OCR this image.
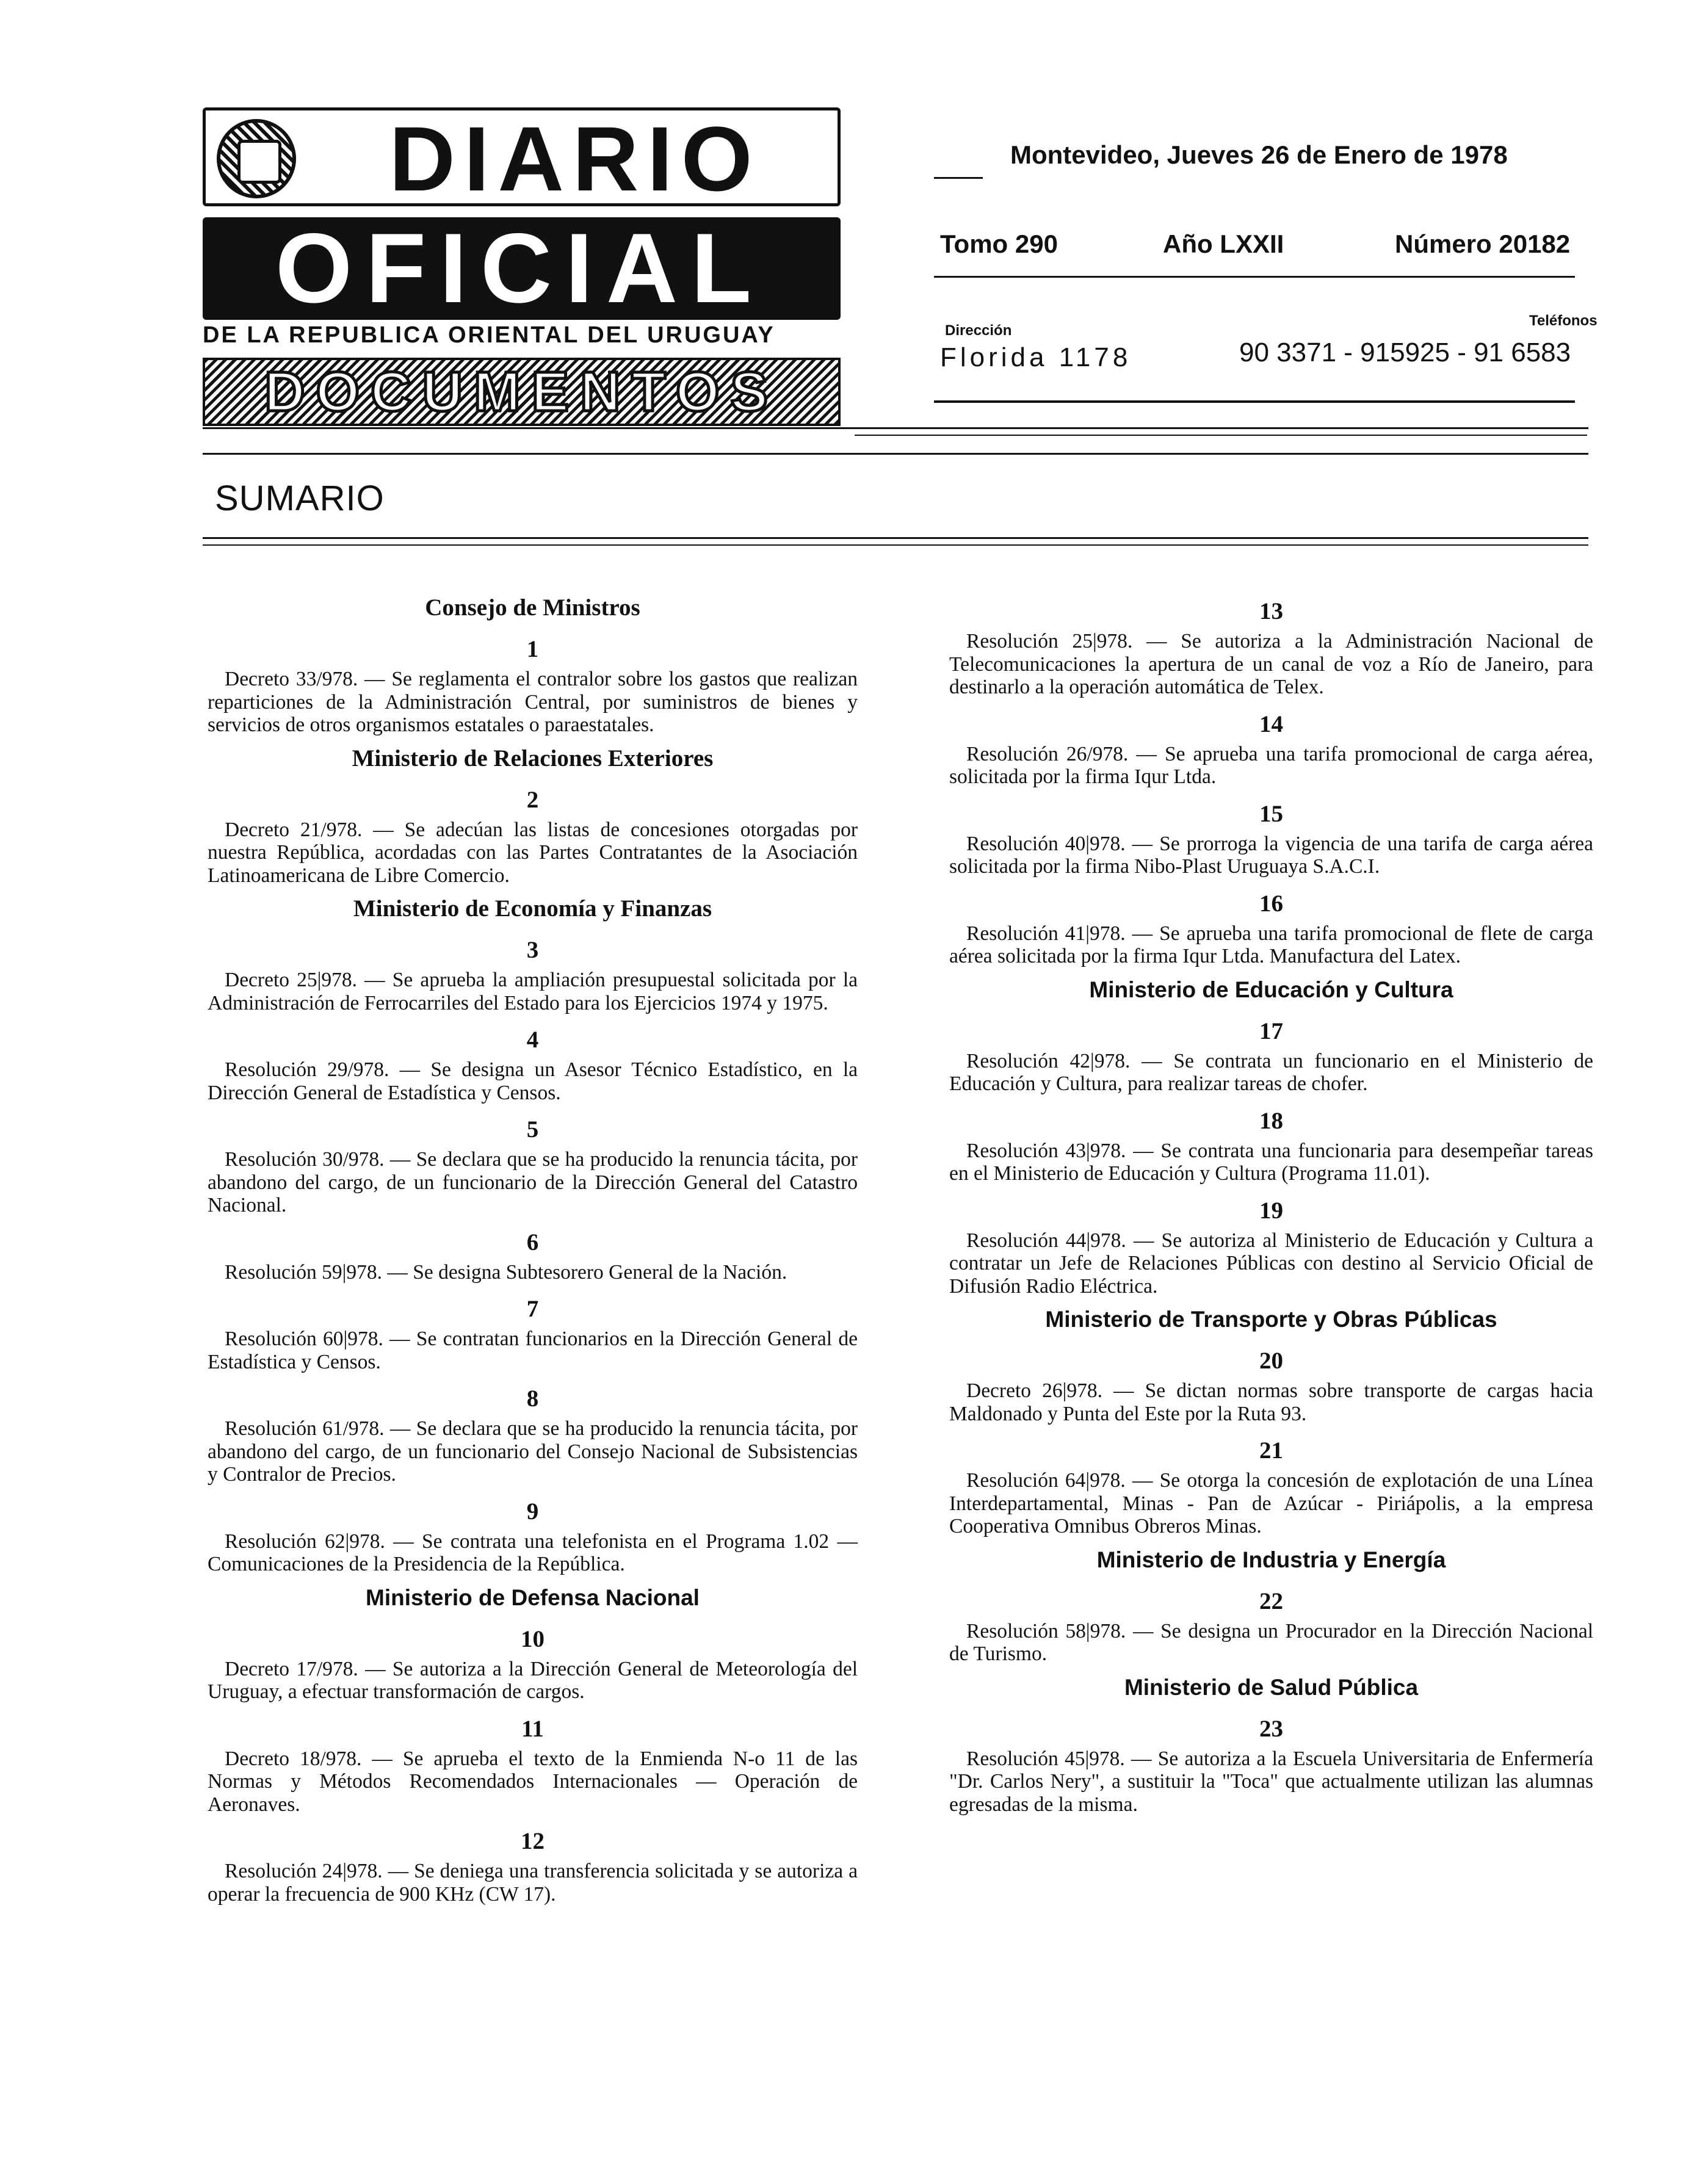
DIARIO
OFICIAL
DE LA REPUBLICA ORIENTAL DEL URUGUAY
DOCUMENTOS
Montevideo, Jueves 26 de Enero de 1978
Tomo 290	Año LXXII	Número 20182
Dirección
Teléfonos
Florida 1178	90 3371 - 915925 - 91 6583
SUMARIO
Consejo de Ministros
1
Decreto 33/978. — Se reglamenta el contralor sobre los gastos que realizan reparticiones de la Administración Central, por suministros de bienes y servicios de otros organismos estatales o paraestatales.
Ministerio de Relaciones Exteriores
2
Decreto 21/978. — Se adecúan las listas de concesiones otorgadas por nuestra República, acordadas con las Partes Contratantes de la Asociación Latinoamericana de Libre Comercio.
Ministerio de Economía y Finanzas
3
Decreto 25|978. — Se aprueba la ampliación presupuestal solicitada por la Administración de Ferrocarriles del Estado para los Ejercicios 1974 y 1975.
4
Resolución 29/978. — Se designa un Asesor Técnico Estadístico, en la Dirección General de Estadística y Censos.
5
Resolución 30/978. — Se declara que se ha producido la renuncia tácita, por abandono del cargo, de un funcionario de la Dirección General del Catastro Nacional.
6
Resolución 59|978. — Se designa Subtesorero General de la Nación.
7
Resolución 60|978. — Se contratan funcionarios en la Dirección General de Estadística y Censos.
8
Resolución 61/978. — Se declara que se ha producido la renuncia tácita, por abandono del cargo, de un funcionario del Consejo Nacional de Subsistencias y Contralor de Precios.
9
Resolución 62|978. — Se contrata una telefonista en el Programa 1.02 — Comunicaciones de la Presidencia de la República.
Ministerio de Defensa Nacional
10
Decreto 17/978. — Se autoriza a la Dirección General de Meteorología del Uruguay, a efectuar transformación de cargos.
11
Decreto 18/978. — Se aprueba el texto de la Enmienda N-o 11 de las Normas y Métodos Recomendados Internacionales — Operación de Aeronaves.
12
Resolución 24|978. — Se deniega una transferencia solicitada y se autoriza a operar la frecuencia de 900 KHz (CW 17).
13
Resolución 25|978. — Se autoriza a la Administración Nacional de Telecomunicaciones la apertura de un canal de voz a Río de Janeiro, para destinarlo a la operación automática de Telex.
14
Resolución 26/978. — Se aprueba una tarifa promocional de carga aérea, solicitada por la firma Iqur Ltda.
15
Resolución 40|978. — Se prorroga la vigencia de una tarifa de carga aérea solicitada por la firma Nibo-Plast Uruguaya S.A.C.I.
16
Resolución 41|978. — Se aprueba una tarifa promocional de flete de carga aérea solicitada por la firma Iqur Ltda. Manufactura del Latex.
Ministerio de Educación y Cultura
17
Resolución 42|978. — Se contrata un funcionario en el Ministerio de Educación y Cultura, para realizar tareas de chofer.
18
Resolución 43|978. — Se contrata una funcionaria para desempeñar tareas en el Ministerio de Educación y Cultura (Programa 11.01).
19
Resolución 44|978. — Se autoriza al Ministerio de Educación y Cultura a contratar un Jefe de Relaciones Públicas con destino al Servicio Oficial de Difusión Radio Eléctrica.
Ministerio de Transporte y Obras Públicas
20
Decreto 26|978. — Se dictan normas sobre transporte de cargas hacia Maldonado y Punta del Este por la Ruta 93.
21
Resolución 64|978. — Se otorga la concesión de explotación de una Línea Interdepartamental, Minas - Pan de Azúcar - Piriápolis, a la empresa Cooperativa Omnibus Obreros Minas.
Ministerio de Industria y Energía
22
Resolución 58|978. — Se designa un Procurador en la Dirección Nacional de Turismo.
Ministerio de Salud Pública
23
Resolución 45|978. — Se autoriza a la Escuela Universitaria de Enfermería "Dr. Carlos Nery", a sustituir la "Toca" que actualmente utilizan las alumnas egresadas de la misma.
